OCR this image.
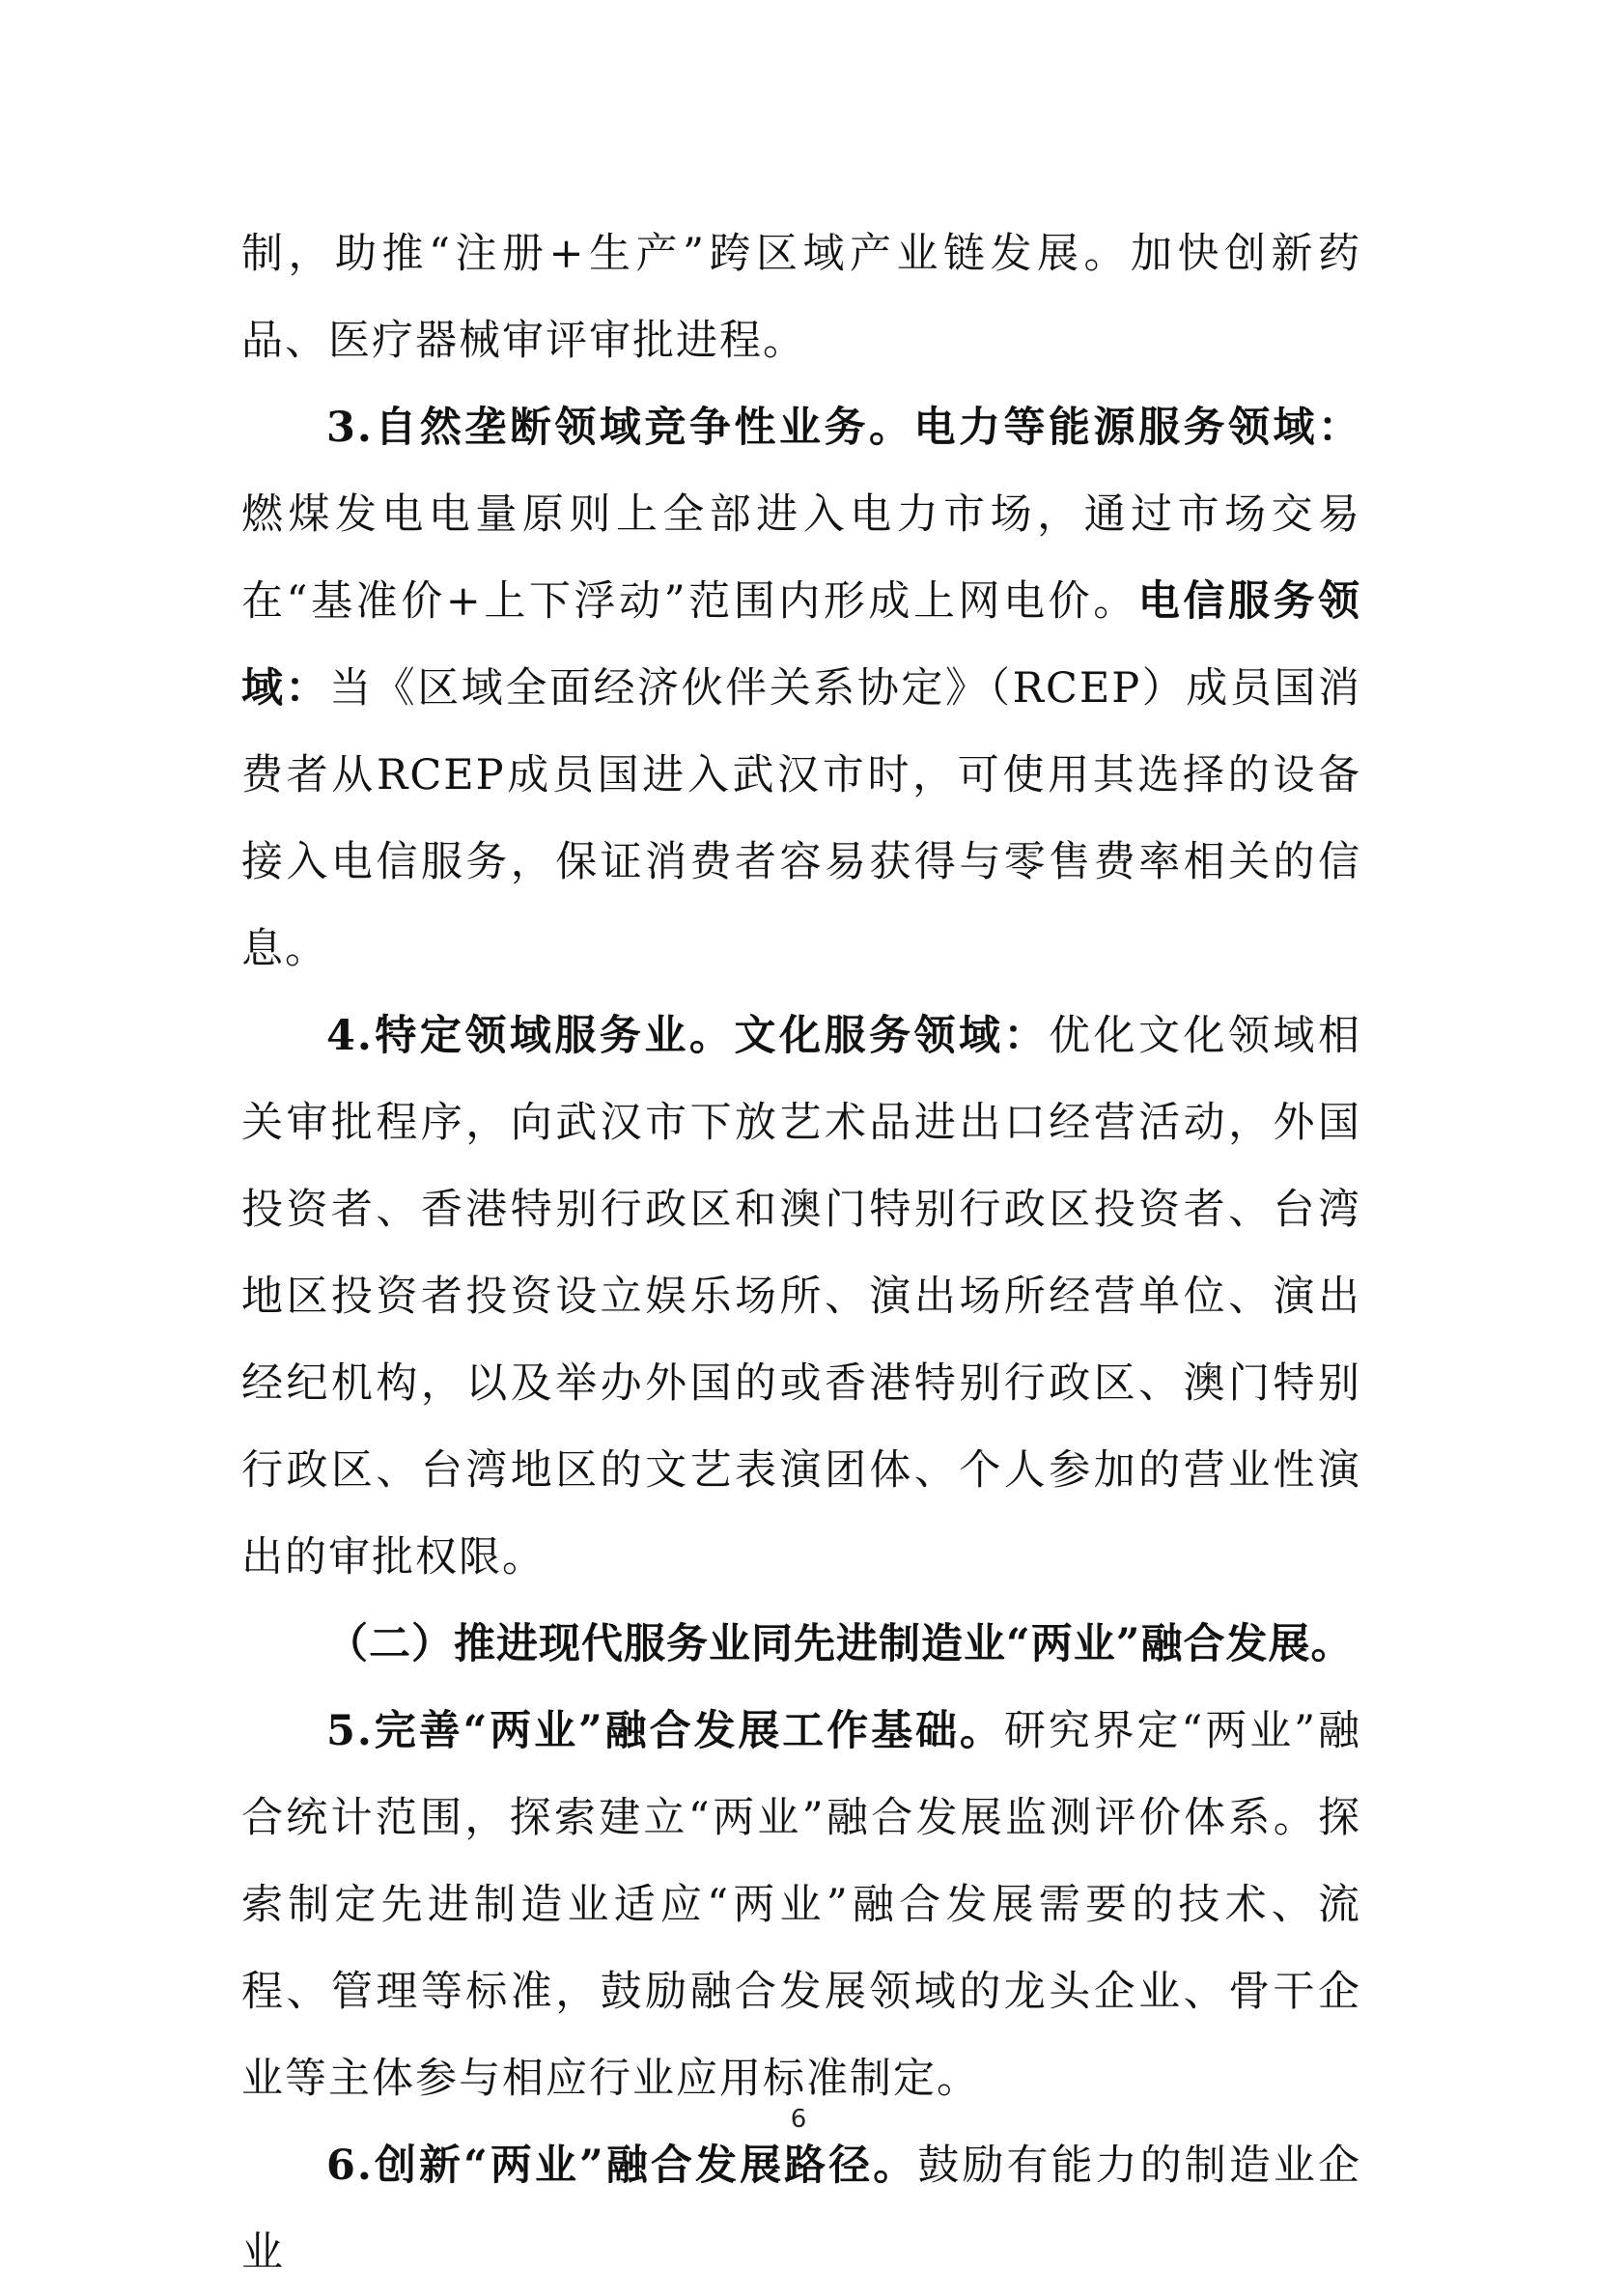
制，助推“注册+生产”跨区域产业链发展。加快创新药品、医疗器械审评审批进程。

3.自然垄断领域竞争性业务。电力等能源服务领域：燃煤发电电量原则上全部进入电力市场，通过市场交易在“基准价+上下浮动”范围内形成上网电价。电信服务领域：当《区域全面经济伙伴关系协定》（RCEP）成员国消费者从RCEP成员国进入武汉市时，可使用其选择的设备接入电信服务，保证消费者容易获得与零售费率相关的信息。

4.特定领域服务业。文化服务领域：优化文化领域相关审批程序，向武汉市下放艺术品进出口经营活动，外国投资者、香港特别行政区和澳门特别行政区投资者、台湾地区投资者投资设立娱乐场所、演出场所经营单位、演出经纪机构，以及举办外国的或香港特别行政区、澳门特别行政区、台湾地区的文艺表演团体、个人参加的营业性演出的审批权限。

（二）推进现代服务业同先进制造业“两业”融合发展。

5.完善“两业”融合发展工作基础。研究界定“两业”融合统计范围，探索建立“两业”融合发展监测评价体系。探索制定先进制造业适应“两业”融合发展需要的技术、流程、管理等标准，鼓励融合发展领域的龙头企业、骨干企业等主体参与相应行业应用标准制定。

6.创新“两业”融合发展路径。鼓励有能力的制造业企业

6
